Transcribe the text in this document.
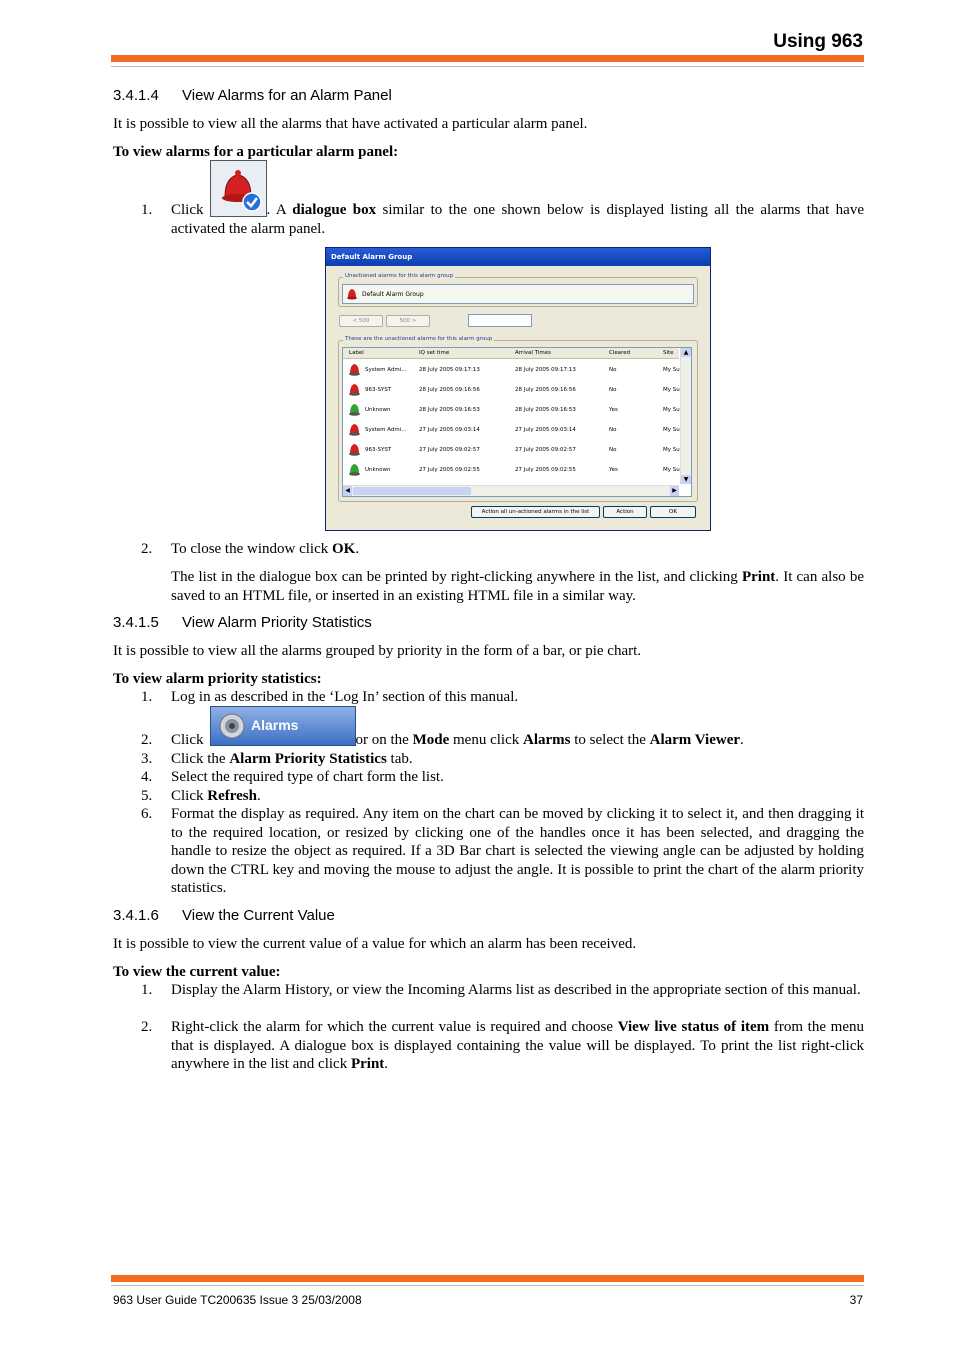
Using 963
3.4.1.4 View Alarms for an Alarm Panel
It is possible to view all the alarms that have activated a particular alarm panel.
To view alarms for a particular alarm panel:
1.	Click	. A dialogue box similar to the one shown below is displayed listing all the alarms that have activated the alarm panel.
Default Alarm Group
Unactioned alarms for this alarm group
Default Alarm Group
< 500	500 >
These are the unactioned alarms for this alarm group
Label	IQ set time	Arrival Times	Cleared	Site
System Admi... 28 July 2005 09:17:13	28 July 2005 09:17:13	No	My Su
963-SYST	28 July 2005 09:16:56	28 July 2005 09:16:56	No	My Su
Unknown	28 July 2005 09:16:53	28 July 2005 09:16:53	Yes	My Su
System Admi... 27 July 2005 09:03:14	27 July 2005 09:03:14	No	My Su
963-SYST	27 July 2005 09:02:57	27 July 2005 09:02:57	No	My Su
Unknown	27 July 2005 09:02:55	27 July 2005 09:02:55	Yes	My Su
▲
▼
◀	▶
Action all un-actioned alarms in the list	Action	OK
2.	To close the window click OK.
The list in the dialogue box can be printed by right-clicking anywhere in the list, and clicking Print. It can also be saved to an HTML file, or inserted in an existing HTML file in a similar way.
3.4.1.5 View Alarm Priority Statistics
It is possible to view all the alarms grouped by priority in the form of a bar, or pie chart.
To view alarm priority statistics:
1.	Log in as described in the ‘Log In’ section of this manual.
Alarms
2.	Click	or on the Mode menu click Alarms to select the Alarm Viewer.
3.	Click the Alarm Priority Statistics tab.
4.	Select the required type of chart form the list.
5.	Click Refresh.
6.	Format the display as required. Any item on the chart can be moved by clicking it to select it, and then dragging it to the required location, or resized by clicking one of the handles once it has been selected, and dragging the handle to resize the object as required. If a 3D Bar chart is selected the viewing angle can be adjusted by holding down the CTRL key and moving the mouse to adjust the angle. It is possible to print the chart of the alarm priority statistics.
3.4.1.6 View the Current Value
It is possible to view the current value of a value for which an alarm has been received.
To view the current value:
1.	Display the Alarm History, or view the Incoming Alarms list as described in the appropriate section of this manual.
2.	Right-click the alarm for which the current value is required and choose View live status of item from the menu that is displayed. A dialogue box is displayed containing the value will be displayed. To print the list right-click anywhere in the list and click Print.
963 User Guide TC200635 Issue 3 25/03/2008	37
